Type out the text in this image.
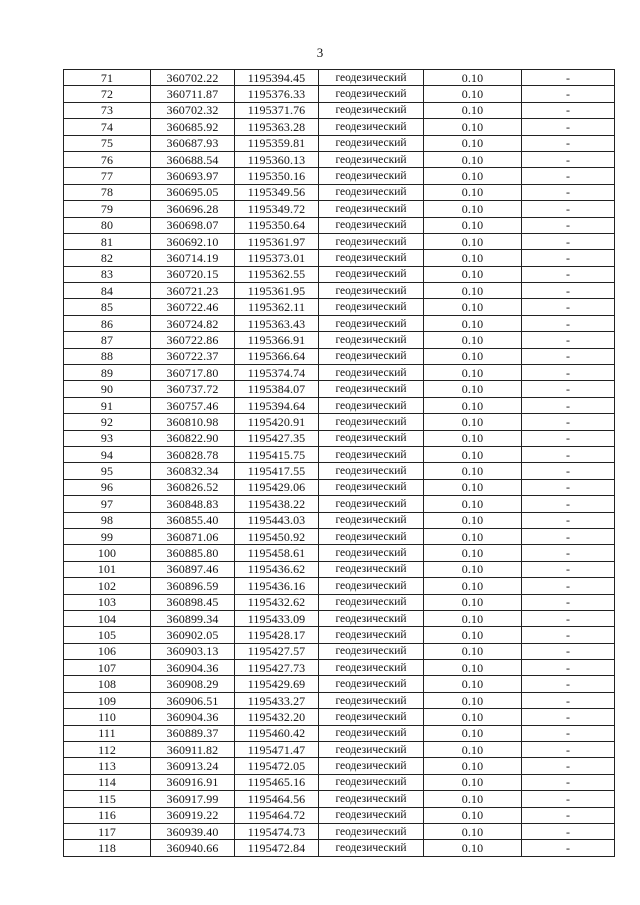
3
71	360702.22	1195394.45	геодезический	0.10	-
72	360711.87	1195376.33	геодезический	0.10	-
73	360702.32	1195371.76	геодезический	0.10	-
74	360685.92	1195363.28	геодезический	0.10	-
75	360687.93	1195359.81	геодезический	0.10	-
76	360688.54	1195360.13	геодезический	0.10	-
77	360693.97	1195350.16	геодезический	0.10	-
78	360695.05	1195349.56	геодезический	0.10	-
79	360696.28	1195349.72	геодезический	0.10	-
80	360698.07	1195350.64	геодезический	0.10	-
81	360692.10	1195361.97	геодезический	0.10	-
82	360714.19	1195373.01	геодезический	0.10	-
83	360720.15	1195362.55	геодезический	0.10	-
84	360721.23	1195361.95	геодезический	0.10	-
85	360722.46	1195362.11	геодезический	0.10	-
86	360724.82	1195363.43	геодезический	0.10	-
87	360722.86	1195366.91	геодезический	0.10	-
88	360722.37	1195366.64	геодезический	0.10	-
89	360717.80	1195374.74	геодезический	0.10	-
90	360737.72	1195384.07	геодезический	0.10	-
91	360757.46	1195394.64	геодезический	0.10	-
92	360810.98	1195420.91	геодезический	0.10	-
93	360822.90	1195427.35	геодезический	0.10	-
94	360828.78	1195415.75	геодезический	0.10	-
95	360832.34	1195417.55	геодезический	0.10	-
96	360826.52	1195429.06	геодезический	0.10	-
97	360848.83	1195438.22	геодезический	0.10	-
98	360855.40	1195443.03	геодезический	0.10	-
99	360871.06	1195450.92	геодезический	0.10	-
100	360885.80	1195458.61	геодезический	0.10	-
101	360897.46	1195436.62	геодезический	0.10	-
102	360896.59	1195436.16	геодезический	0.10	-
103	360898.45	1195432.62	геодезический	0.10	-
104	360899.34	1195433.09	геодезический	0.10	-
105	360902.05	1195428.17	геодезический	0.10	-
106	360903.13	1195427.57	геодезический	0.10	-
107	360904.36	1195427.73	геодезический	0.10	-
108	360908.29	1195429.69	геодезический	0.10	-
109	360906.51	1195433.27	геодезический	0.10	-
110	360904.36	1195432.20	геодезический	0.10	-
111	360889.37	1195460.42	геодезический	0.10	-
112	360911.82	1195471.47	геодезический	0.10	-
113	360913.24	1195472.05	геодезический	0.10	-
114	360916.91	1195465.16	геодезический	0.10	-
115	360917.99	1195464.56	геодезический	0.10	-
116	360919.22	1195464.72	геодезический	0.10	-
117	360939.40	1195474.73	геодезический	0.10	-
118	360940.66	1195472.84	геодезический	0.10	-
